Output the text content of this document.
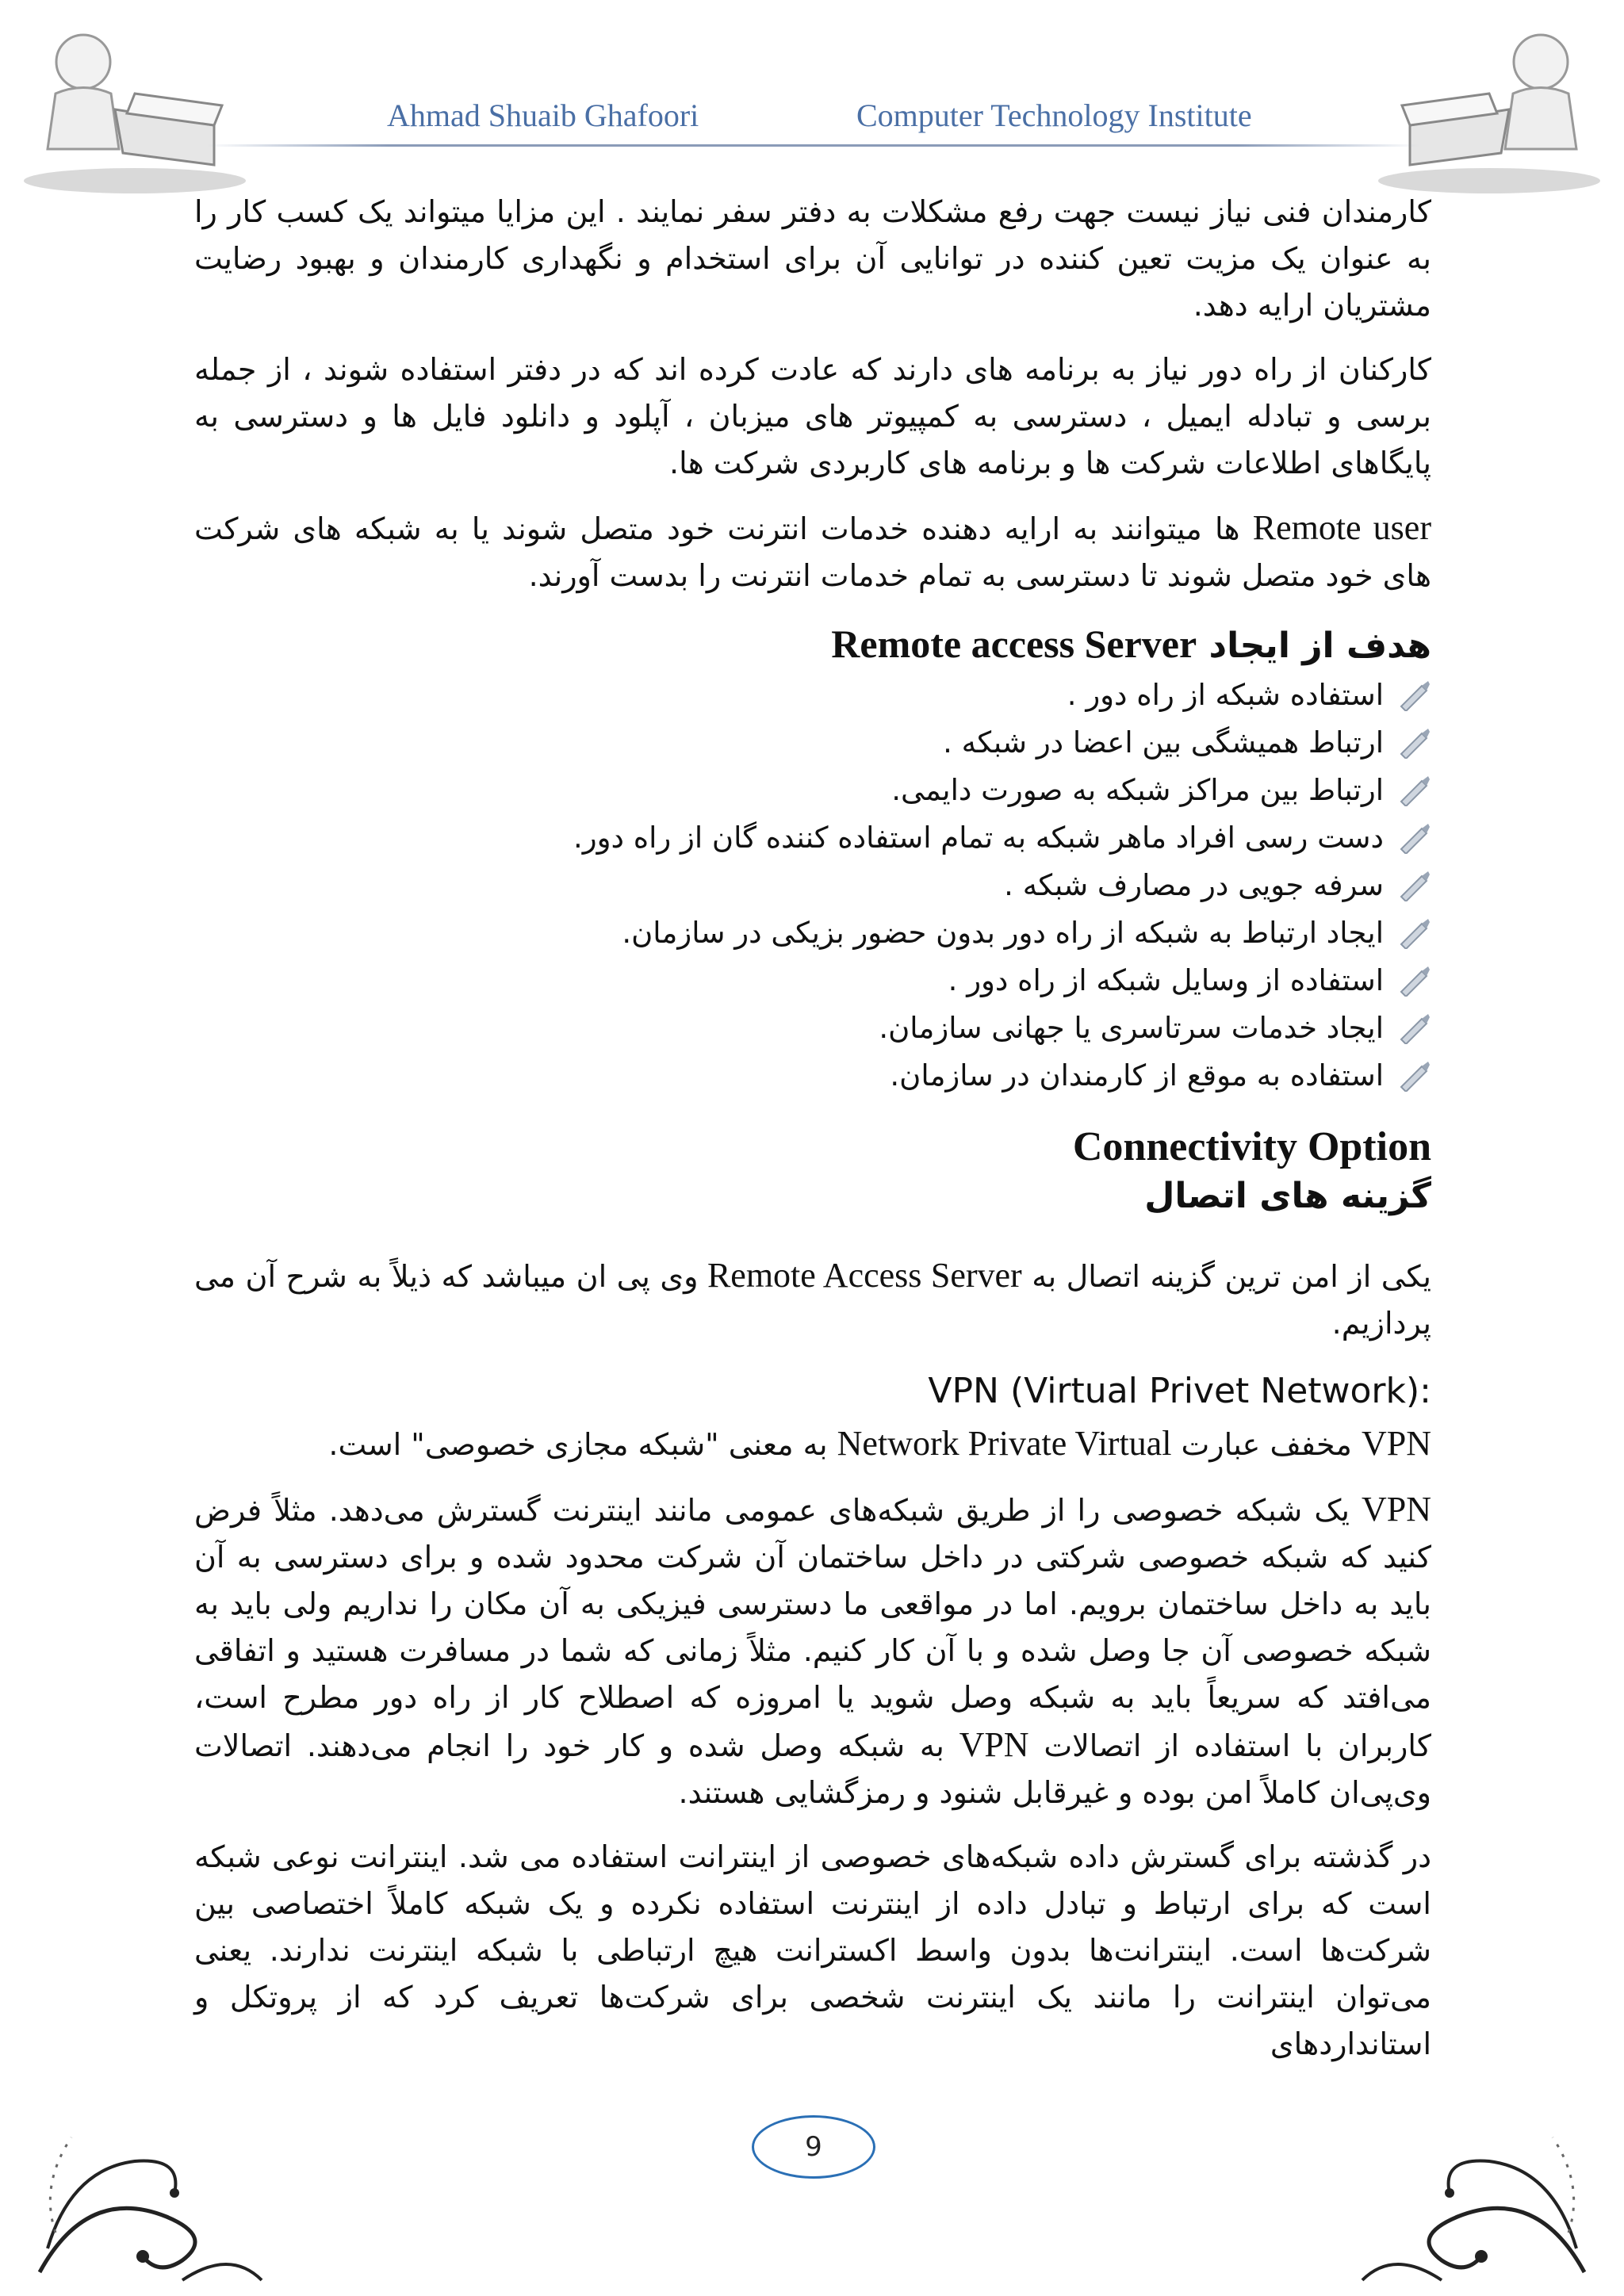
Ahmad Shuaib Ghafoori	Computer Technology Institute

کارمندان فنی نیاز نیست جهت رفع مشکلات به دفتر سفر نمایند . این مزایا میتواند یک کسب کار را به عنوان یک مزیت تعین کننده در توانایی آن برای استخدام و نگهداری کارمندان و بهبود رضایت مشتریان ارایه دهد.

کارکنان از راه دور نیاز به برنامه های دارند که عادت کرده اند که در دفتر استفاده شوند ، از جمله برسی و تبادله ایمیل ، دسترسی به کمپیوتر های میزبان ، آپلود و دانلود فایل ها و دسترسی به پایگاهای اطلاعات شرکت ها و برنامه های کاربردی شرکت ها.

Remote user ها میتوانند به ارایه دهنده خدمات انترنت خود متصل شوند یا به شبکه های شرکت های خود متصل شوند تا دسترسی به تمام خدمات انترنت را بدست آورند.

هدف از ایجاد Remote access Server
استفاده شبکه از راه دور .
ارتباط همیشگی بین اعضا در شبکه .
ارتباط بین مراکز شبکه به صورت دایمی.
دست رسی افراد ماهر شبکه به تمام استفاده کننده گان از راه دور.
سرفه جویی در مصارف شبکه .
ایجاد ارتباط به شبکه از راه دور بدون حضور بزیکی در سازمان.
استفاده از وسایل شبکه از راه دور .
ایجاد خدمات سرتاسری یا جهانی سازمان.
استفاده به موقع از کارمندان در سازمان.
Connectivity Option
گزینه های اتصال

یکی از امن ترین گزینه اتصال به Remote Access Server وی پی ان میباشد که ذیلاً به شرح آن می پردازیم.

VPN (Virtual Privet Network):

VPN مخفف عبارت Network Private Virtual به معنی "شبکه مجازی خصوصی" است.

VPN یک شبکه خصوصی را از طریق شبکه‌های عمومی مانند اینترنت گسترش می‌دهد. مثلاً فرض کنید که شبکه خصوصی شرکتی در داخل ساختمان آن شرکت محدود شده و برای دسترسی به آن باید به داخل ساختمان برویم. اما در مواقعی ما دسترسی فیزیکی به آن مکان را نداریم ولی باید به شبکه خصوصی آن جا وصل شده و با آن کار کنیم. مثلاً زمانی که شما در مسافرت هستید و اتفاقی می‌افتد که سریعاً باید به شبکه وصل شوید یا امروزه که اصطلاح کار از راه دور مطرح است، کاربران با استفاده از اتصالات VPN به شبکه وصل شده و کار خود را انجام می‌دهند. اتصالات وی‌پی‌ان کاملاً امن بوده و غیرقابل شنود و رمزگشایی هستند.

در گذشته برای گسترش داده شبکه‌های خصوصی از اینترانت استفاده می شد. اینترانت نوعی شبکه است که برای ارتباط و تبادل داده از اینترنت استفاده نکرده و یک شبکه کاملاً اختصاصی بین شرکت‌ها است. اینترانت‌ها بدون واسط اکسترانت هیچ ارتباطی با شبکه اینترنت ندارند. یعنی می‌توان اینترانت را مانند یک اینترنت شخصی برای شرکت‌ها تعریف کرد که از پروتکل و استانداردهای

9
